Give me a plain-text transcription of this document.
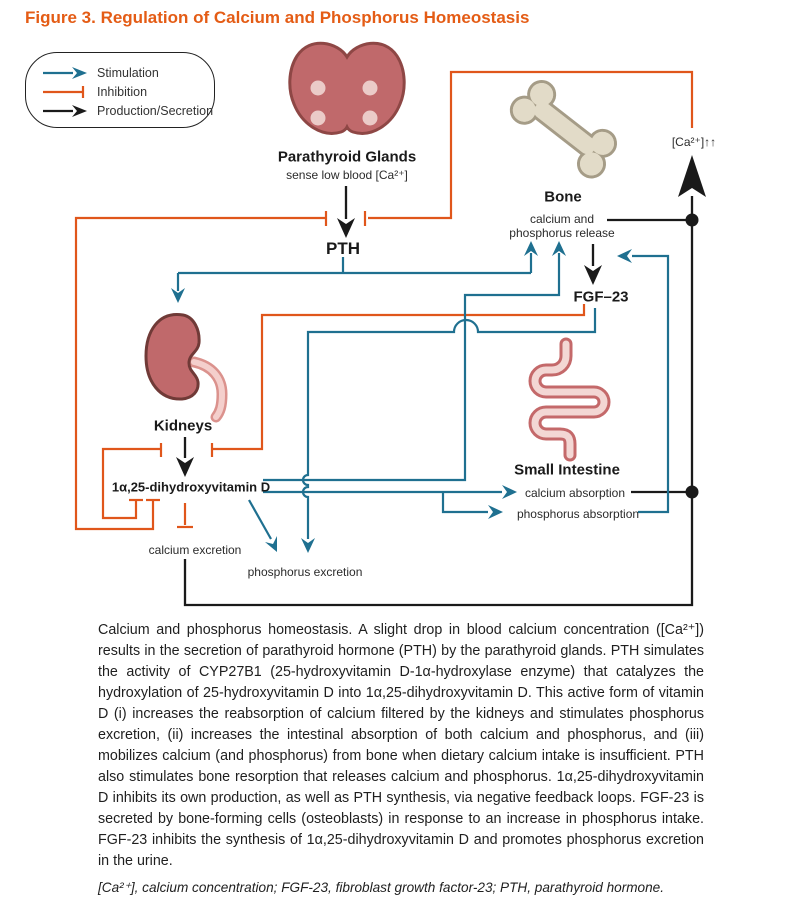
Figure 3. Regulation of Calcium and Phosphorus Homeostasis
Stimulation
Inhibition
Production/Secretion
Parathyroid Glands
sense low blood [Ca²⁺]
PTH
Bone
calcium and
phosphorus release
[Ca²⁺]↑↑
FGF–23
Kidneys
1α,25-dihydroxyvitamin D
calcium excretion
phosphorus excretion
Small Intestine
calcium absorption
phosphorus absorption

Calcium and phosphorus homeostasis. A slight drop in blood calcium concentration ([Ca²⁺]) results in the secretion of parathyroid hormone (PTH) by the parathyroid glands. PTH simulates the activity of CYP27B1 (25-hydroxyvitamin D-1α-hydroxylase enzyme) that catalyzes the hydroxylation of 25-hydroxyvitamin D into 1α,25-dihydroxyvitamin D. This active form of vitamin D (i) increases the reabsorption of calcium filtered by the kidneys and stimulates phosphorus excretion, (ii) increases the intestinal absorption of both calcium and phosphorus, and (iii) mobilizes calcium (and phosphorus) from bone when dietary calcium intake is insufficient. PTH also stimulates bone resorption that releases calcium and phosphorus. 1α,25-dihydroxyvitamin D inhibits its own production, as well as PTH synthesis, via negative feedback loops. FGF-23 is secreted by bone-forming cells (osteoblasts) in response to an increase in phosphorus intake. FGF-23 inhibits the synthesis of 1α,25-dihydroxyvitamin D and promotes phosphorus excretion in the urine.

[Ca²⁺], calcium concentration; FGF-23, fibroblast growth factor-23; PTH, parathyroid hormone.
